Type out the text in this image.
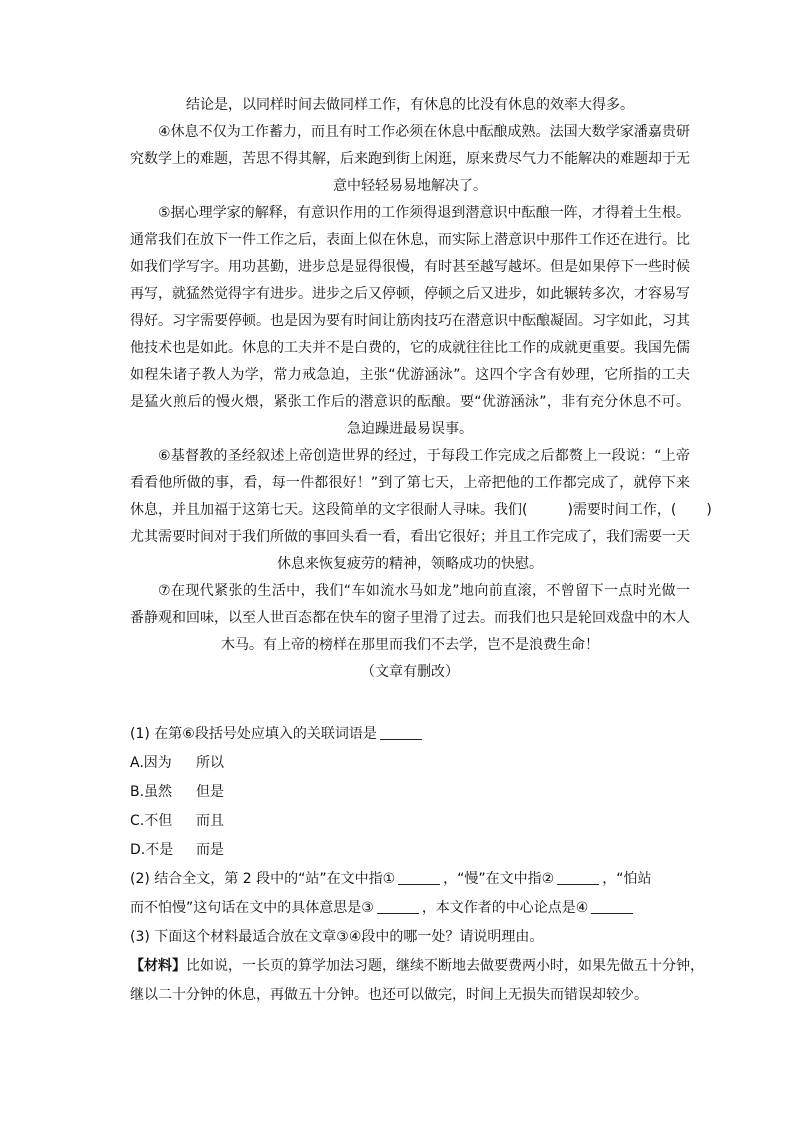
结论是，以同样时间去做同样工作，有休息的比没有休息的效率大得多。
④休息不仅为工作蓄力，而且有时工作必须在休息中酝酿成熟。法国大数学家潘嘉贵研
究数学上的难题，苦思不得其解，后来跑到街上闲逛，原来费尽气力不能解决的难题却于无
意中轻轻易易地解决了。
⑤据心理学家的解释，有意识作用的工作须得退到潜意识中酝酿一阵，才得着土生根。
通常我们在放下一件工作之后，表面上似在休息，而实际上潜意识中那件工作还在进行。比
如我们学写字。用功甚勤，进步总是显得很慢，有时甚至越写越坏。但是如果停下一些时候
再写，就猛然觉得字有进步。进步之后又停顿，停顿之后又进步，如此辗转多次，才容易写
得好。习字需要停顿。也是因为要有时间让筋肉技巧在潜意识中酝酿凝固。习字如此，习其
他技术也是如此。休息的工夫并不是白费的，它的成就往往比工作的成就更重要。我国先儒
如程朱诸子教人为学，常力戒急迫，主张“优游涵泳”。这四个字含有妙理，它所指的工夫
是猛火煎后的慢火煨，紧张工作后的潜意识的酝酿。要“优游涵泳”，非有充分休息不可。
急迫躁进最易误事。
⑥基督教的圣经叙述上帝创造世界的经过，于每段工作完成之后都赘上一段说：“上帝
看看他所做的事，看，每一件都很好！”到了第七天，上帝把他的工作都完成了，就停下来
休息，并且加福于这第七天。这段简单的文字很耐人寻味。我们(	)需要时间工作，( )
尤其需要时间对于我们所做的事回头看一看，看出它很好；并且工作完成了，我们需要一天
休息来恢复疲劳的精神，领略成功的快慰。
⑦在现代紧张的生活中，我们“车如流水马如龙”地向前直滚，不曾留下一点时光做一
番静观和回味，以至人世百态都在快车的窗子里滑了过去。而我们也只是轮回戏盘中的木人
木马。有上帝的榜样在那里而我们不去学，岂不是浪费生命！
（文章有删改）
(1) 在第⑥段括号处应填入的关联词语是
A.因为	所以
B.虽然	但是
C.不但	而且
D.不是	而是
(2) 结合全文，第 2 段中的“站”在文中指①	，“慢”在文中指②	，“怕站
而不怕慢”这句话在文中的具体意思是③	，本文作者的中心论点是④
(3) 下面这个材料最适合放在文章③④段中的哪一处？请说明理由。
【材料】比如说，一长页的算学加法习题，继续不断地去做要费两小时，如果先做五十分钟，
继以二十分钟的休息，再做五十分钟。也还可以做完，时间上无损失而错误却较少。
